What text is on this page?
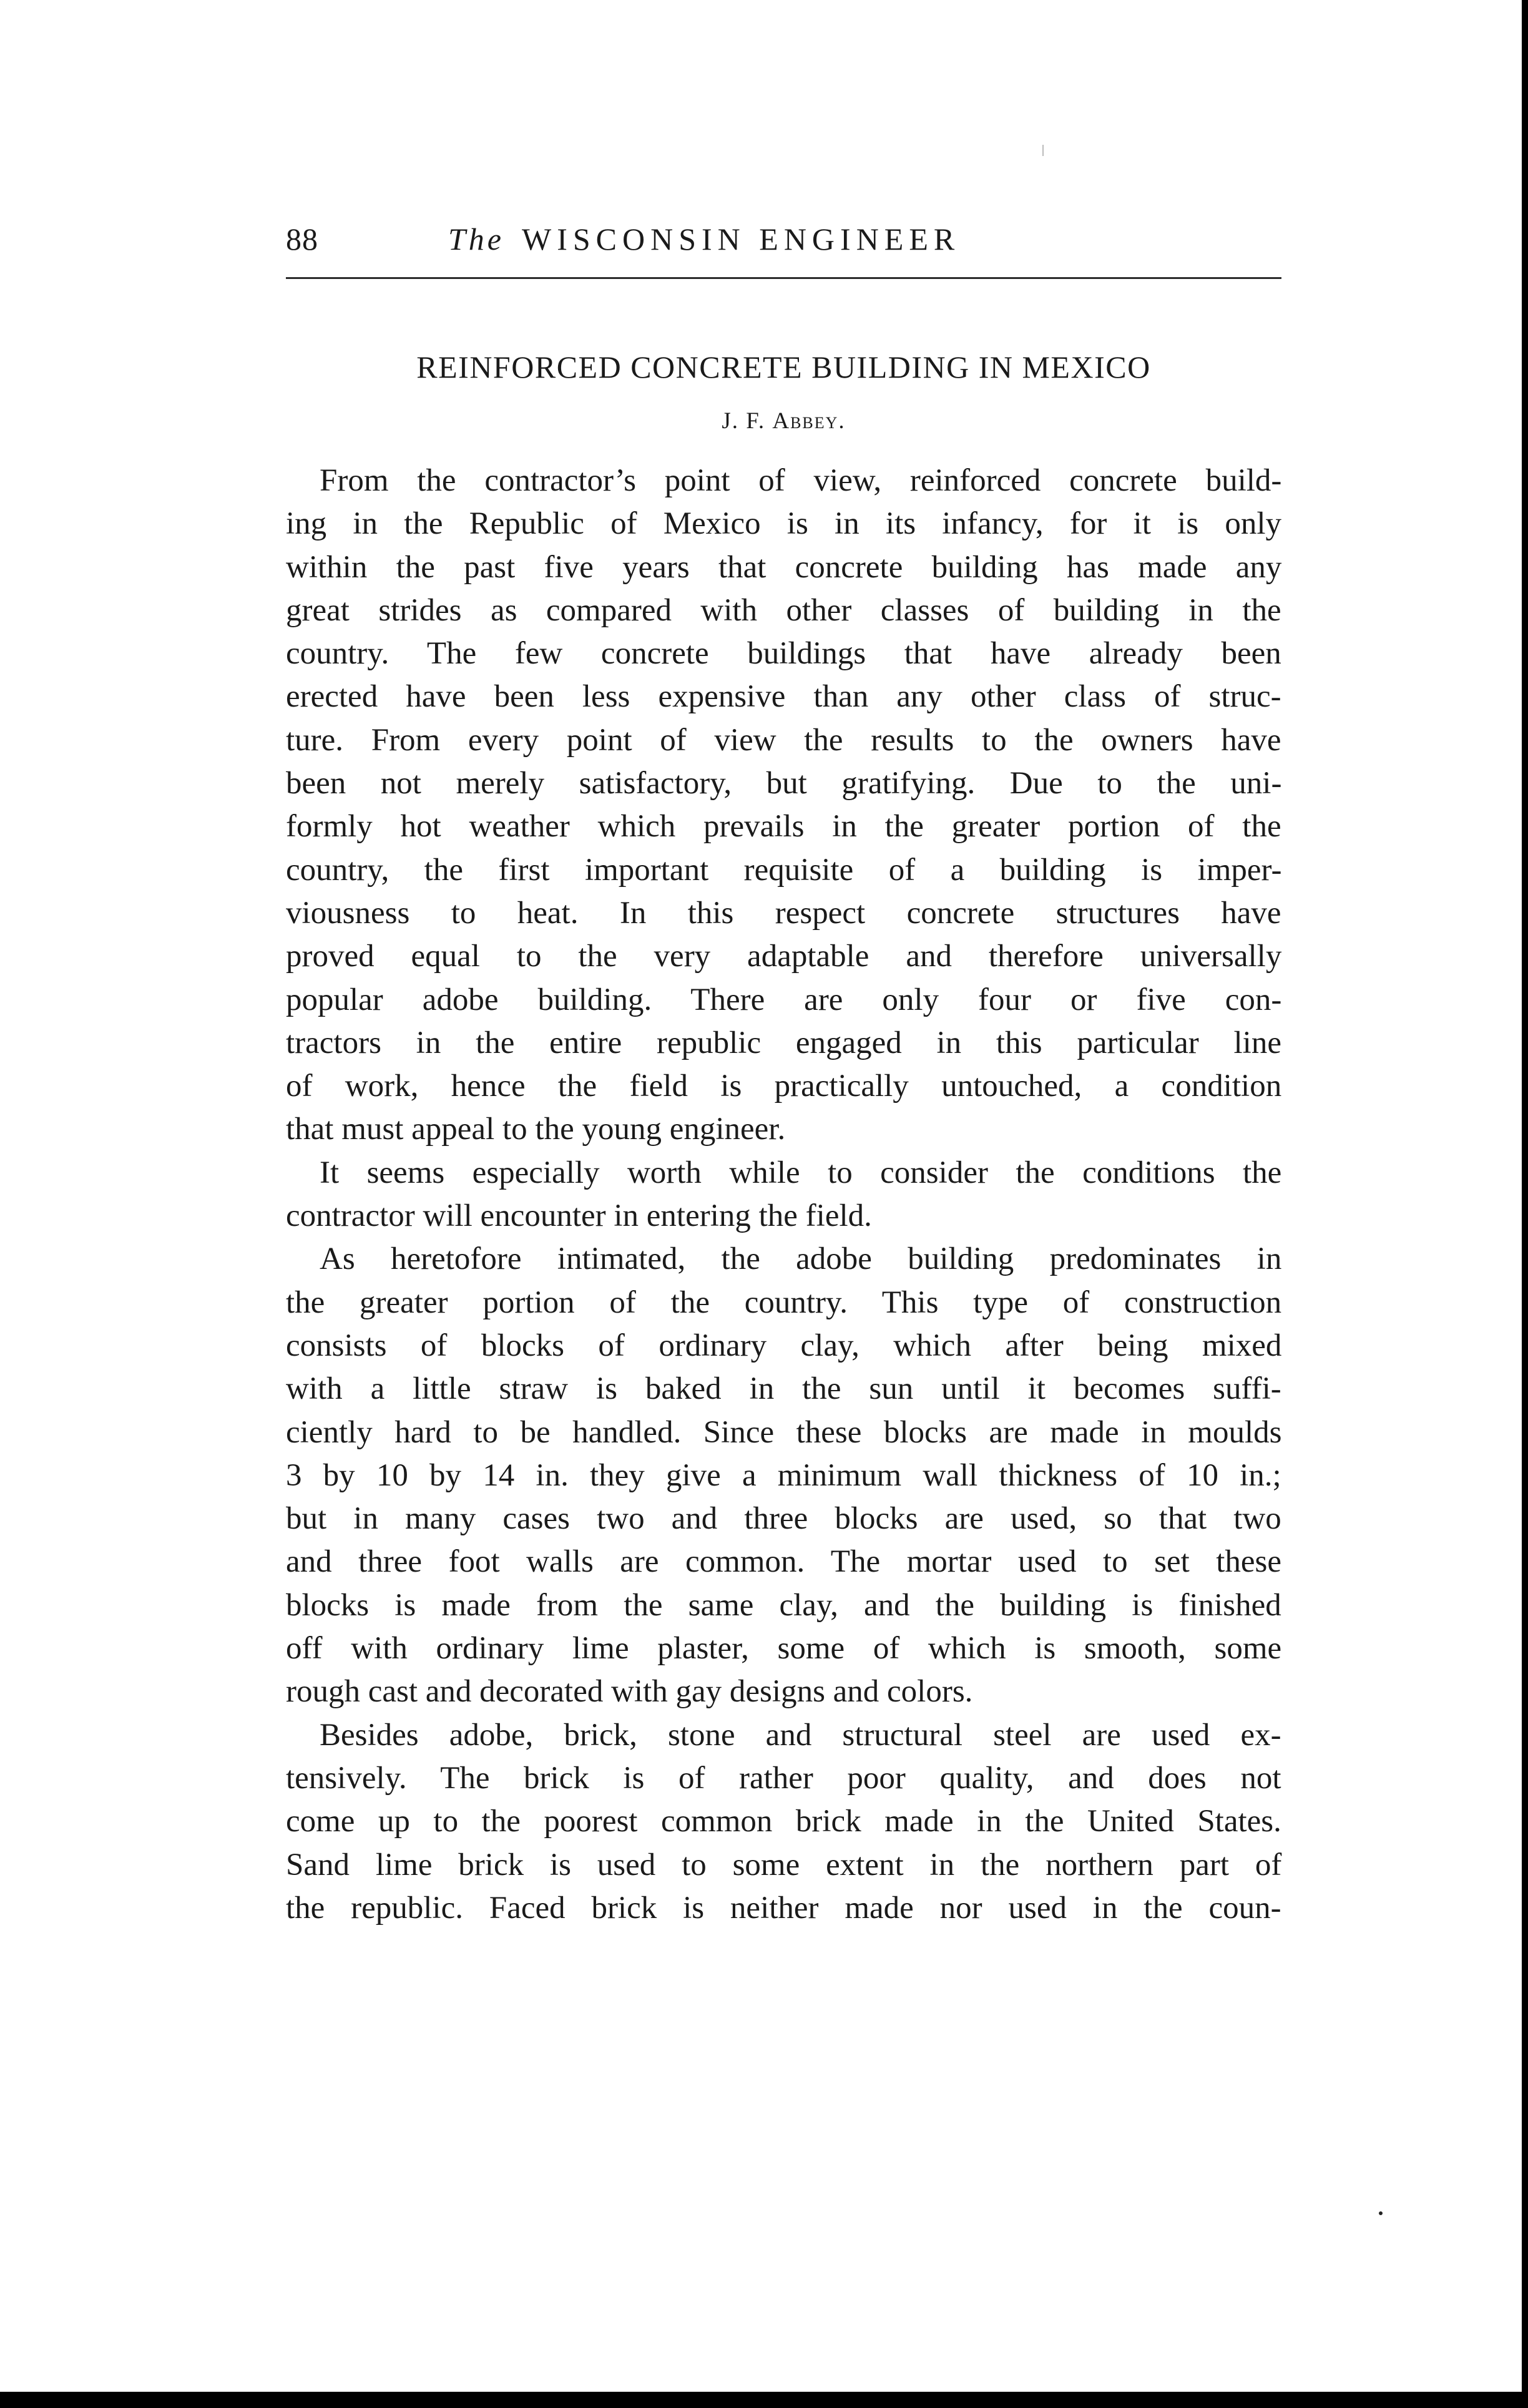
88	The WISCONSIN ENGINEER
REINFORCED CONCRETE BUILDING IN MEXICO
J. F. Abbey.
From the contractor’s point of view, reinforced concrete build-
ing in the Republic of Mexico is in its infancy, for it is only
within the past five years that concrete building has made any
great strides as compared with other classes of building in the
country. The few concrete buildings that have already been
erected have been less expensive than any other class of struc-
ture. From every point of view the results to the owners have
been not merely satisfactory, but gratifying. Due to the uni-
formly hot weather which prevails in the greater portion of the
country, the first important requisite of a building is imper-
viousness to heat. In this respect concrete structures have
proved equal to the very adaptable and therefore universally
popular adobe building. There are only four or five con-
tractors in the entire republic engaged in this particular line
of work, hence the field is practically untouched, a condition
that must appeal to the young engineer.
It seems especially worth while to consider the conditions the
contractor will encounter in entering the field.
As heretofore intimated, the adobe building predominates in
the greater portion of the country. This type of construction
consists of blocks of ordinary clay, which after being mixed
with a little straw is baked in the sun until it becomes suffi-
ciently hard to be handled. Since these blocks are made in moulds
3 by 10 by 14 in. they give a minimum wall thickness of 10 in.;
but in many cases two and three blocks are used, so that two
and three foot walls are common. The mortar used to set these
blocks is made from the same clay, and the building is finished
off with ordinary lime plaster, some of which is smooth, some
rough cast and decorated with gay designs and colors.
Besides adobe, brick, stone and structural steel are used ex-
tensively. The brick is of rather poor quality, and does not
come up to the poorest common brick made in the United States.
Sand lime brick is used to some extent in the northern part of
the republic. Faced brick is neither made nor used in the coun-
